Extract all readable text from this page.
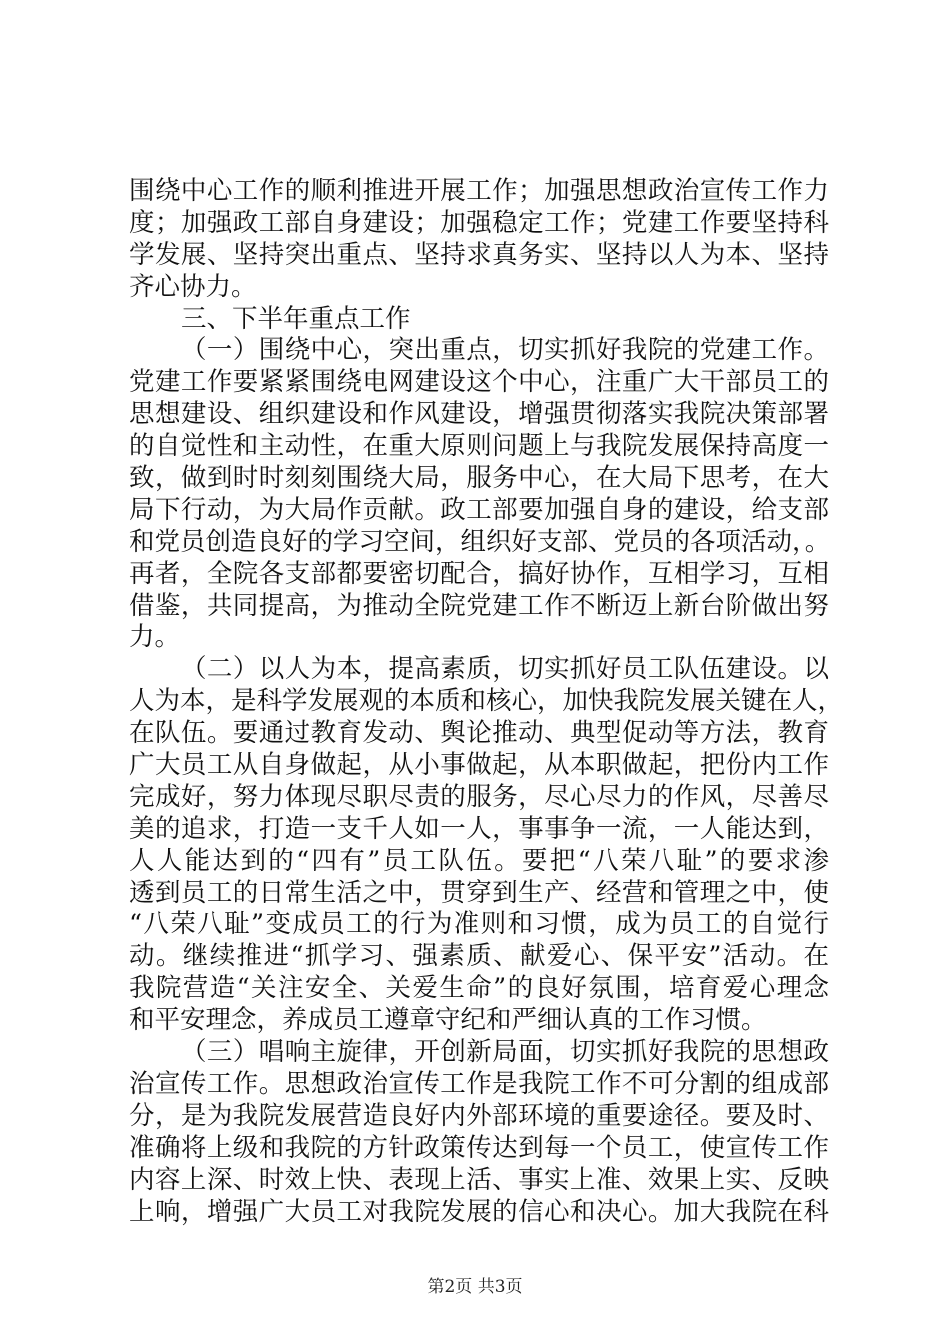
围绕中心工作的顺利推进开展工作；加强思想政治宣传工作力
度；加强政工部自身建设；加强稳定工作；党建工作要坚持科
学发展、坚持突出重点、坚持求真务实、坚持以人为本、坚持
齐心协力。
三、下半年重点工作
（一）围绕中心，突出重点，切实抓好我院的党建工作。
党建工作要紧紧围绕电网建设这个中心，注重广大干部员工的
思想建设、组织建设和作风建设，增强贯彻落实我院决策部署
的自觉性和主动性，在重大原则问题上与我院发展保持高度一
致，做到时时刻刻围绕大局，服务中心，在大局下思考，在大
局下行动，为大局作贡献。政工部要加强自身的建设，给支部
和党员创造良好的学习空间，组织好支部、党员的各项活动，。
再者，全院各支部都要密切配合，搞好协作，互相学习，互相
借鉴，共同提高，为推动全院党建工作不断迈上新台阶做出努
力。
（二）以人为本，提高素质，切实抓好员工队伍建设。以
人为本，是科学发展观的本质和核心，加快我院发展关键在人，
在队伍。要通过教育发动、舆论推动、典型促动等方法，教育
广大员工从自身做起，从小事做起，从本职做起，把份内工作
完成好，努力体现尽职尽责的服务，尽心尽力的作风，尽善尽
美的追求，打造一支千人如一人，事事争一流，一人能达到，
人人能达到的“四有”员工队伍。要把“八荣八耻”的要求渗
透到员工的日常生活之中，贯穿到生产、经营和管理之中，使
“八荣八耻”变成员工的行为准则和习惯，成为员工的自觉行
动。继续推进“抓学习、强素质、献爱心、保平安”活动。在
我院营造“关注安全、关爱生命”的良好氛围，培育爱心理念
和平安理念，养成员工遵章守纪和严细认真的工作习惯。
（三）唱响主旋律，开创新局面，切实抓好我院的思想政
治宣传工作。思想政治宣传工作是我院工作不可分割的组成部
分，是为我院发展营造良好内外部环境的重要途径。要及时、
准确将上级和我院的方针政策传达到每一个员工，使宣传工作
内容上深、时效上快、表现上活、事实上准、效果上实、反映
上响，增强广大员工对我院发展的信心和决心。加大我院在科
第2页 共3页
